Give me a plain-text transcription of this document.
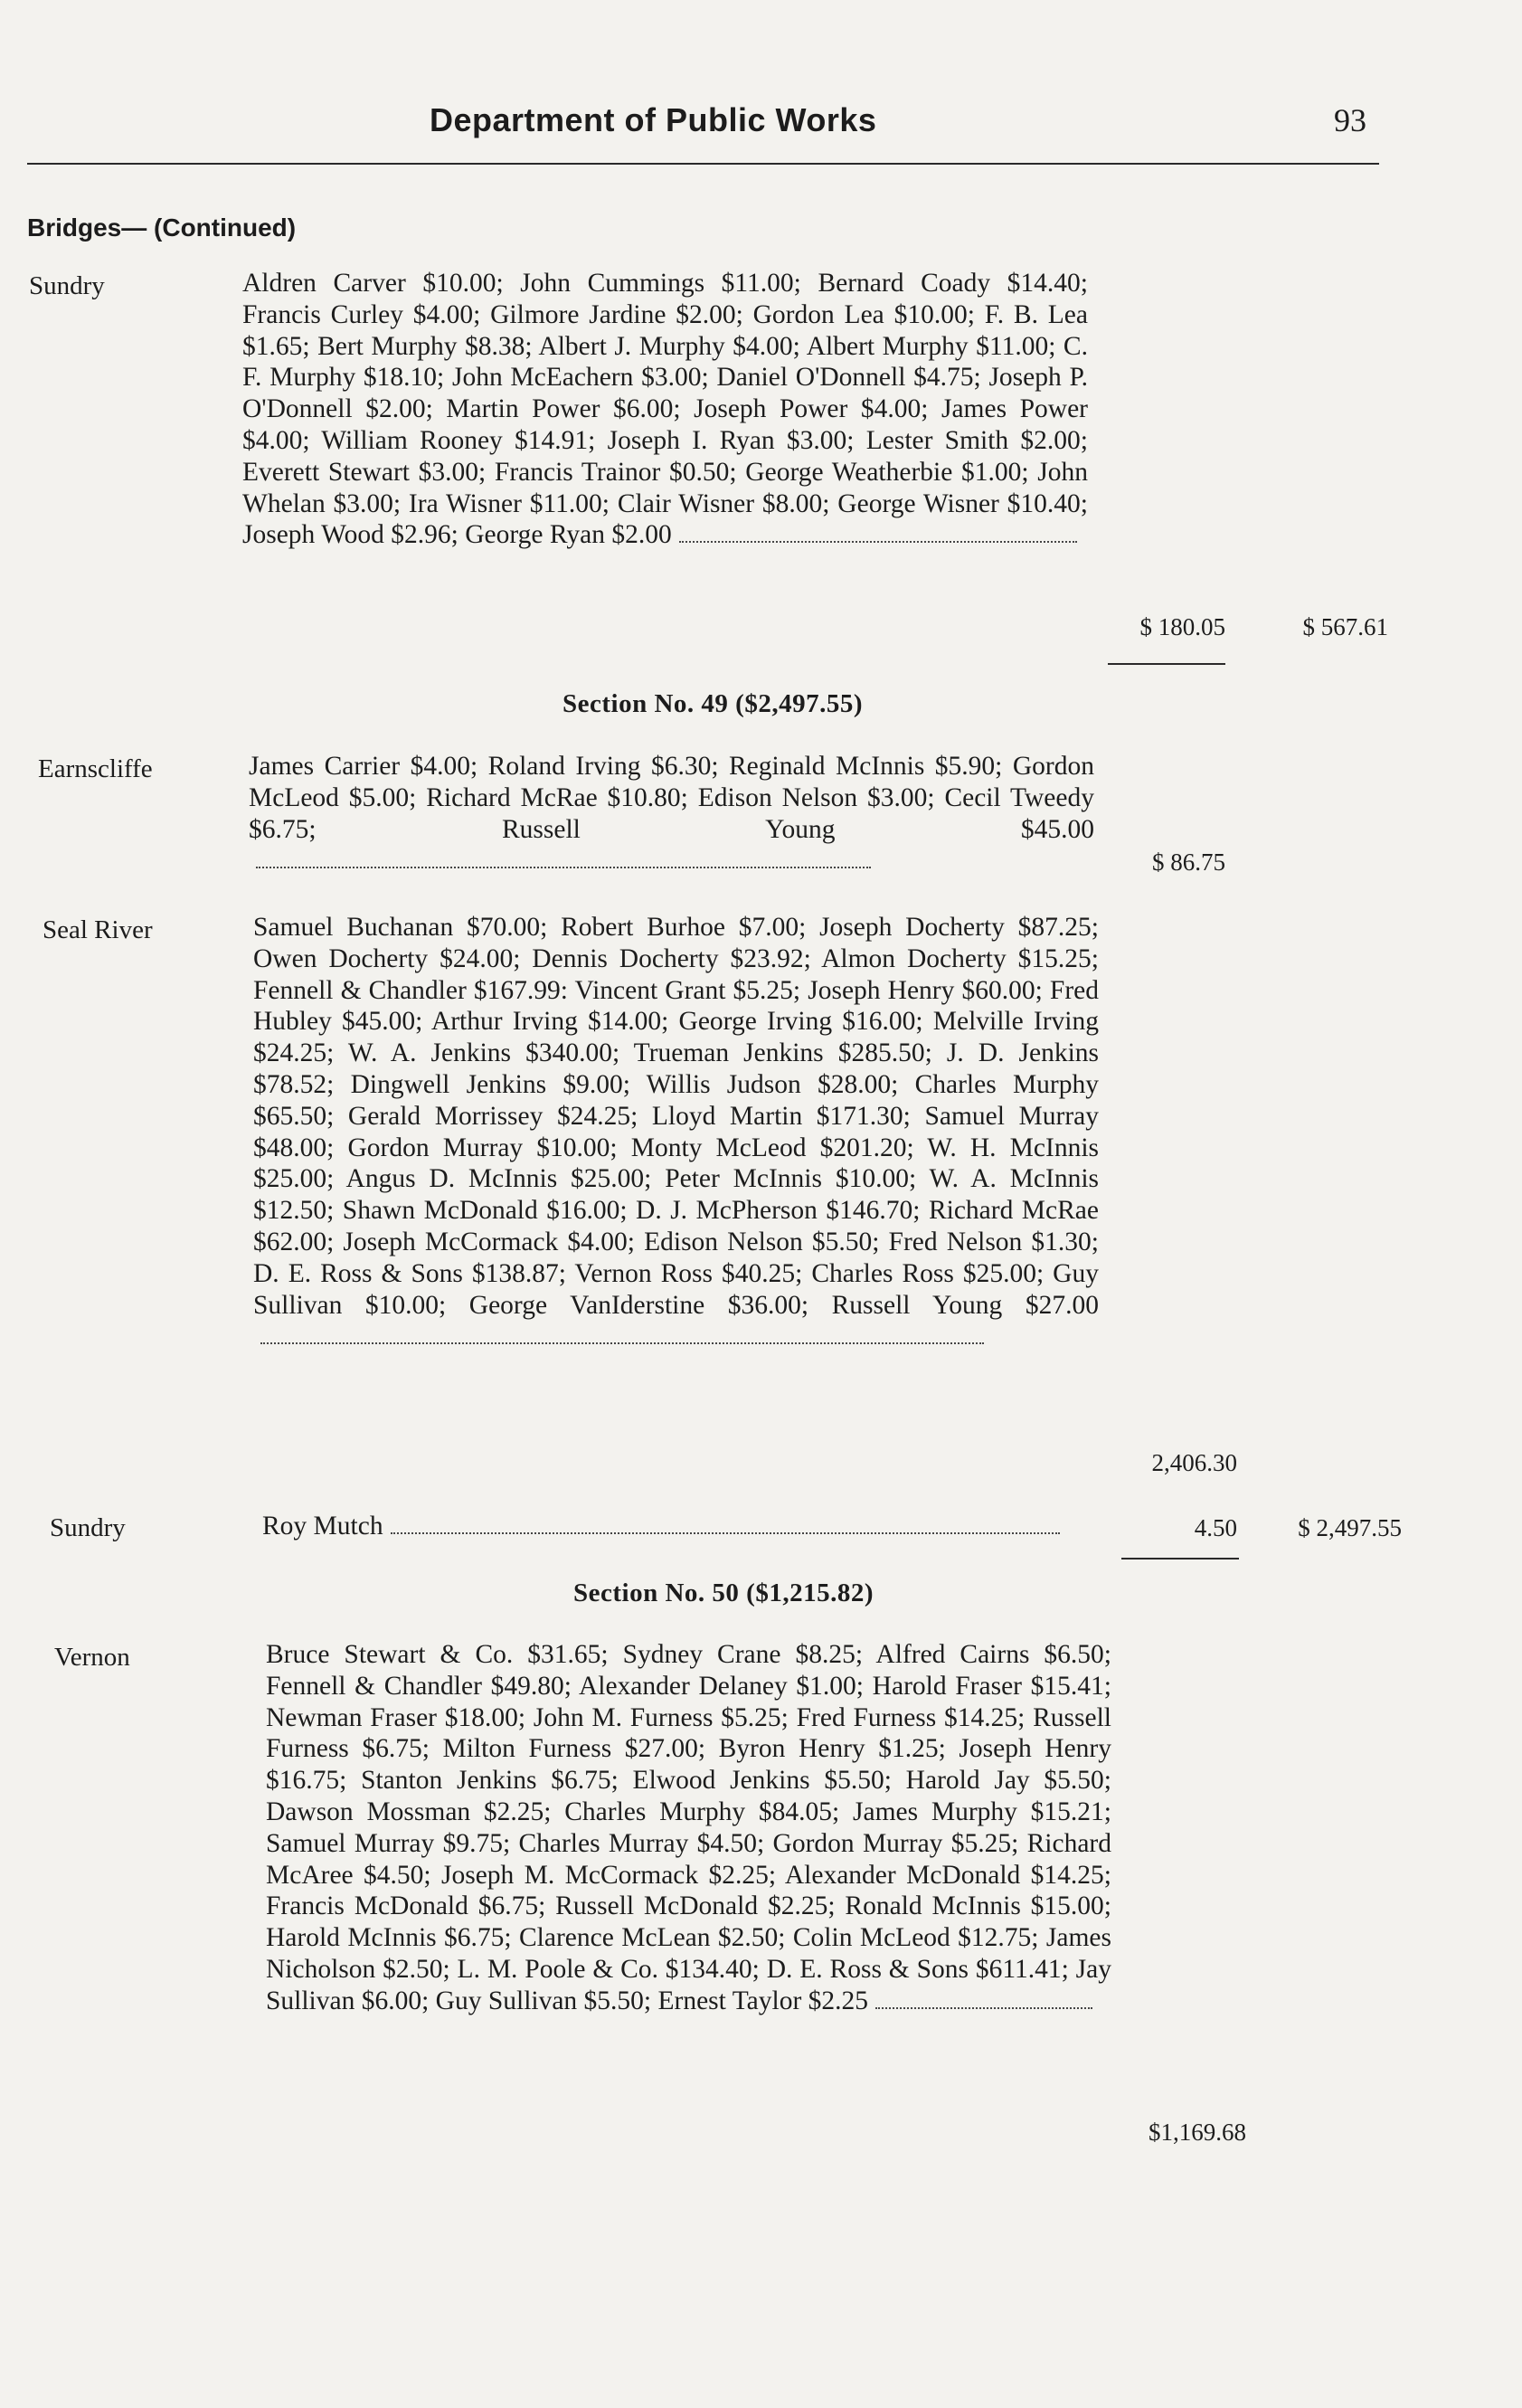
Department of Public Works	93
Bridges— (Continued)
Sundry	Aldren Carver $10.00; John Cummings $11.00; Bernard Coady $14.40; Francis Curley $4.00; Gilmore Jardine $2.00; Gordon Lea $10.00; F. B. Lea $1.65; Bert Murphy $8.38; Albert J. Murphy $4.00; Albert Murphy $11.00; C. F. Murphy $18.10; John McEachern $3.00; Daniel O'Donnell $4.75; Joseph P. O'Donnell $2.00; Martin Power $6.00; Joseph Power $4.00; James Power $4.00; William Rooney $14.91; Joseph I. Ryan $3.00; Lester Smith $2.00; Everett Stewart $3.00; Francis Trainor $0.50; George Weatherbie $1.00; John Whelan $3.00; Ira Wisner $11.00; Clair Wisner $8.00; George Wisner $10.40; Joseph Wood $2.96; George Ryan $2.00
$ 180.05	$ 567.61
Section No. 49 ($2,497.55)
Earnscliffe	James Carrier $4.00; Roland Irving $6.30; Reginald McInnis $5.90; Gordon McLeod $5.00; Richard McRae $10.80; Edison Nelson $3.00; Cecil Tweedy $6.75; Russell Young $45.00
$ 86.75
Seal River	Samuel Buchanan $70.00; Robert Burhoe $7.00; Joseph Docherty $87.25; Owen Docherty $24.00; Dennis Docherty $23.92; Almon Docherty $15.25; Fennell & Chandler $167.99: Vincent Grant $5.25; Joseph Henry $60.00; Fred Hubley $45.00; Arthur Irving $14.00; George Irving $16.00; Melville Irving $24.25; W. A. Jenkins $340.00; Trueman Jenkins $285.50; J. D. Jenkins $78.52; Dingwell Jenkins $9.00; Willis Judson $28.00; Charles Murphy $65.50; Gerald Morrissey $24.25; Lloyd Martin $171.30; Samuel Murray $48.00; Gordon Murray $10.00; Monty McLeod $201.20; W. H. McInnis $25.00; Angus D. McInnis $25.00; Peter McInnis $10.00; W. A. McInnis $12.50; Shawn McDonald $16.00; D. J. McPherson $146.70; Richard McRae $62.00; Joseph McCormack $4.00; Edison Nelson $5.50; Fred Nelson $1.30; D. E. Ross & Sons $138.87; Vernon Ross $40.25; Charles Ross $25.00; Guy Sullivan $10.00; George VanIderstine $36.00; Russell Young $27.00
2,406.30
Sundry	Roy Mutch	4.50	$ 2,497.55
Section No. 50 ($1,215.82)
Vernon	Bruce Stewart & Co. $31.65; Sydney Crane $8.25; Alfred Cairns $6.50; Fennell & Chandler $49.80; Alexander Delaney $1.00; Harold Fraser $15.41; Newman Fraser $18.00; John M. Furness $5.25; Fred Furness $14.25; Russell Furness $6.75; Milton Furness $27.00; Byron Henry $1.25; Joseph Henry $16.75; Stanton Jenkins $6.75; Elwood Jenkins $5.50; Harold Jay $5.50; Dawson Mossman $2.25; Charles Murphy $84.05; James Murphy $15.21; Samuel Murray $9.75; Charles Murray $4.50; Gordon Murray $5.25; Richard McAree $4.50; Joseph M. McCormack $2.25; Alexander McDonald $14.25; Francis McDonald $6.75; Russell McDonald $2.25; Ronald McInnis $15.00; Harold McInnis $6.75; Clarence McLean $2.50; Colin McLeod $12.75; James Nicholson $2.50; L. M. Poole & Co. $134.40; D. E. Ross & Sons $611.41; Jay Sullivan $6.00; Guy Sullivan $5.50; Ernest Taylor $2.25
$1,169.68
